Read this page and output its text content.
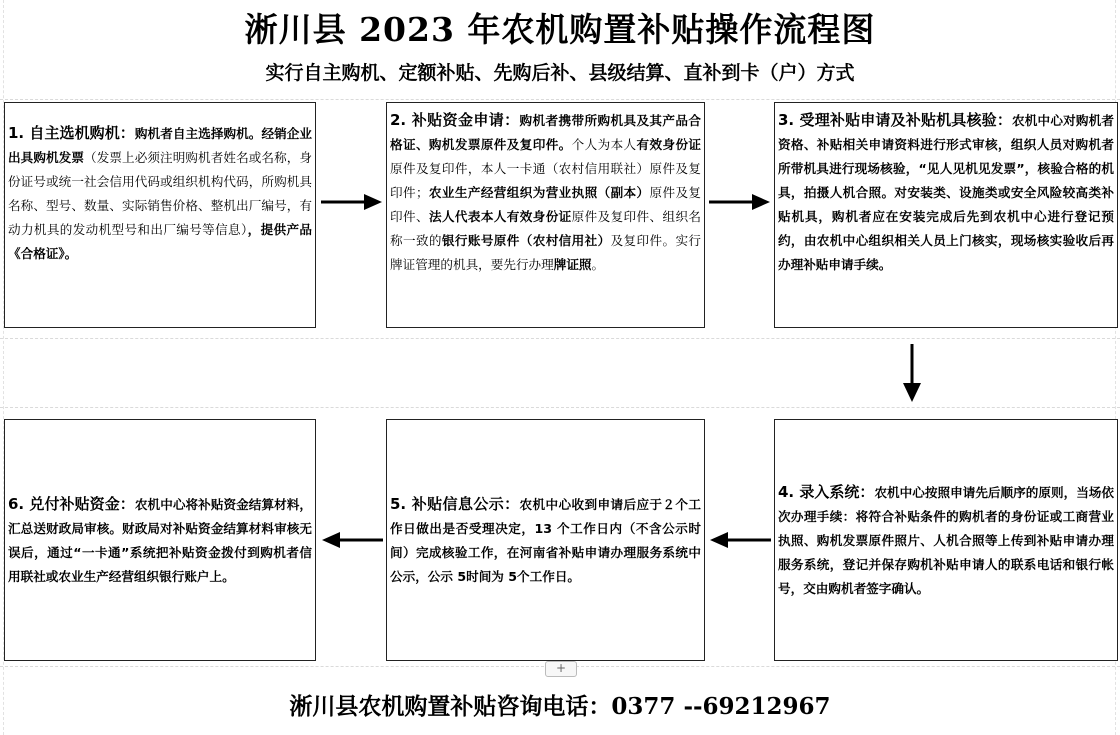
淅川县 2023 年农机购置补贴操作流程图
实行自主购机、定额补贴、先购后补、县级结算、直补到卡（户）方式
1. 自主选机购机：购机者自主选择购机。经销企业出具购机发票（发票上必须注明购机者姓名或名称，身份证号或统一社会信用代码或组织机构代码，所购机具名称、型号、数量、实际销售价格、整机出厂编号，有动力机具的发动机型号和出厂编号等信息），提供产品《合格证》。
2. 补贴资金申请：购机者携带所购机具及其产品合格证、购机发票原件及复印件。个人为本人有效身份证原件及复印件，本人一卡通（农村信用联社）原件及复印件；农业生产经营组织为营业执照（副本）原件及复印件、法人代表本人有效身份证原件及复印件、组织名称一致的银行账号原件（农村信用社）及复印件。实行牌证管理的机具，要先行办理牌证照。
3. 受理补贴申请及补贴机具核验：农机中心对购机者资格、补贴相关申请资料进行形式审核，组织人员对购机者所带机具进行现场核验，“见人见机见发票”，核验合格的机具，拍摄人机合照。对安装类、设施类或安全风险较高类补贴机具，购机者应在安装完成后先到农机中心进行登记预约，由农机中心组织相关人员上门核实，现场核实验收后再办理补贴申请手续。
4. 录入系统：农机中心按照申请先后顺序的原则，当场依次办理手续：将符合补贴条件的购机者的身份证或工商营业执照、购机发票原件照片、人机合照等上传到补贴申请办理服务系统，登记并保存购机补贴申请人的联系电话和银行帐号，交由购机者签字确认。
5. 补贴信息公示：农机中心收到申请后应于２个工作日做出是否受理决定，13 个工作日内（不含公示时间）完成核验工作，在河南省补贴申请办理服务系统中公示，公示 5时间为 5个工作日。
6. 兑付补贴资金：农机中心将补贴资金结算材料，汇总送财政局审核。财政局对补贴资金结算材料审核无误后，通过“一卡通”系统把补贴资金拨付到购机者信用联社或农业生产经营组织银行账户上。
+
淅川县农机购置补贴咨询电话：0377 --69212967
